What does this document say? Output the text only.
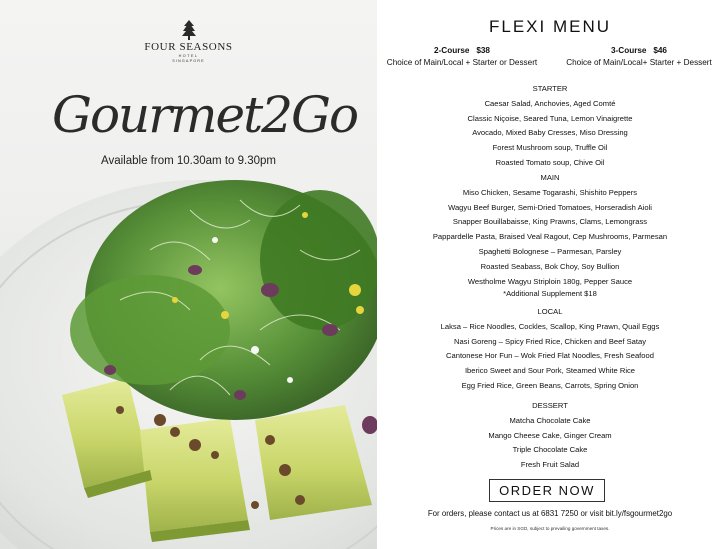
FOUR SEASONS
HOTEL
SINGAPORE
Gourmet2Go
Available from 10.30am to 9.30pm
FLEXI MENU
2-Course   $38
Choice of Main/Local + Starter or Dessert
3-Course   $46
Choice of Main/Local+ Starter + Dessert
STARTER
Caesar Salad, Anchovies, Aged Comté
Classic Niçoise, Seared Tuna, Lemon Vinaigrette
Avocado, Mixed Baby Cresses, Miso Dressing
Forest Mushroom soup, Truffle Oil
Roasted Tomato soup, Chive Oil
MAIN
Miso Chicken, Sesame Togarashi, Shishito Peppers
Wagyu Beef Burger, Semi-Dried Tomatoes, Horseradish Aioli
Snapper Bouillabaisse, King Prawns, Clams, Lemongrass
Pappardelle Pasta, Braised Veal Ragout, Cep Mushrooms, Parmesan
Spaghetti Bolognese – Parmesan, Parsley
Roasted Seabass, Bok Choy, Soy Bullion
Westholme Wagyu Striploin 180g, Pepper Sauce
*Additional Supplement $18
LOCAL
Laksa – Rice Noodles, Cockles, Scallop, King Prawn, Quail Eggs
Nasi Goreng – Spicy Fried Rice, Chicken and Beef Satay
Cantonese Hor Fun – Wok Fried Flat Noodles, Fresh Seafood
Iberico Sweet and Sour Pork, Steamed White Rice
Egg Fried Rice, Green Beans, Carrots, Spring Onion
DESSERT
Matcha Chocolate Cake
Mango Cheese Cake, Ginger Cream
Triple Chocolate Cake
Fresh Fruit Salad
ORDER NOW
For orders, please contact us at 6831 7250 or visit bit.ly/fsgourmet2go
Prices are in SGD, subject to prevailing government taxes.
